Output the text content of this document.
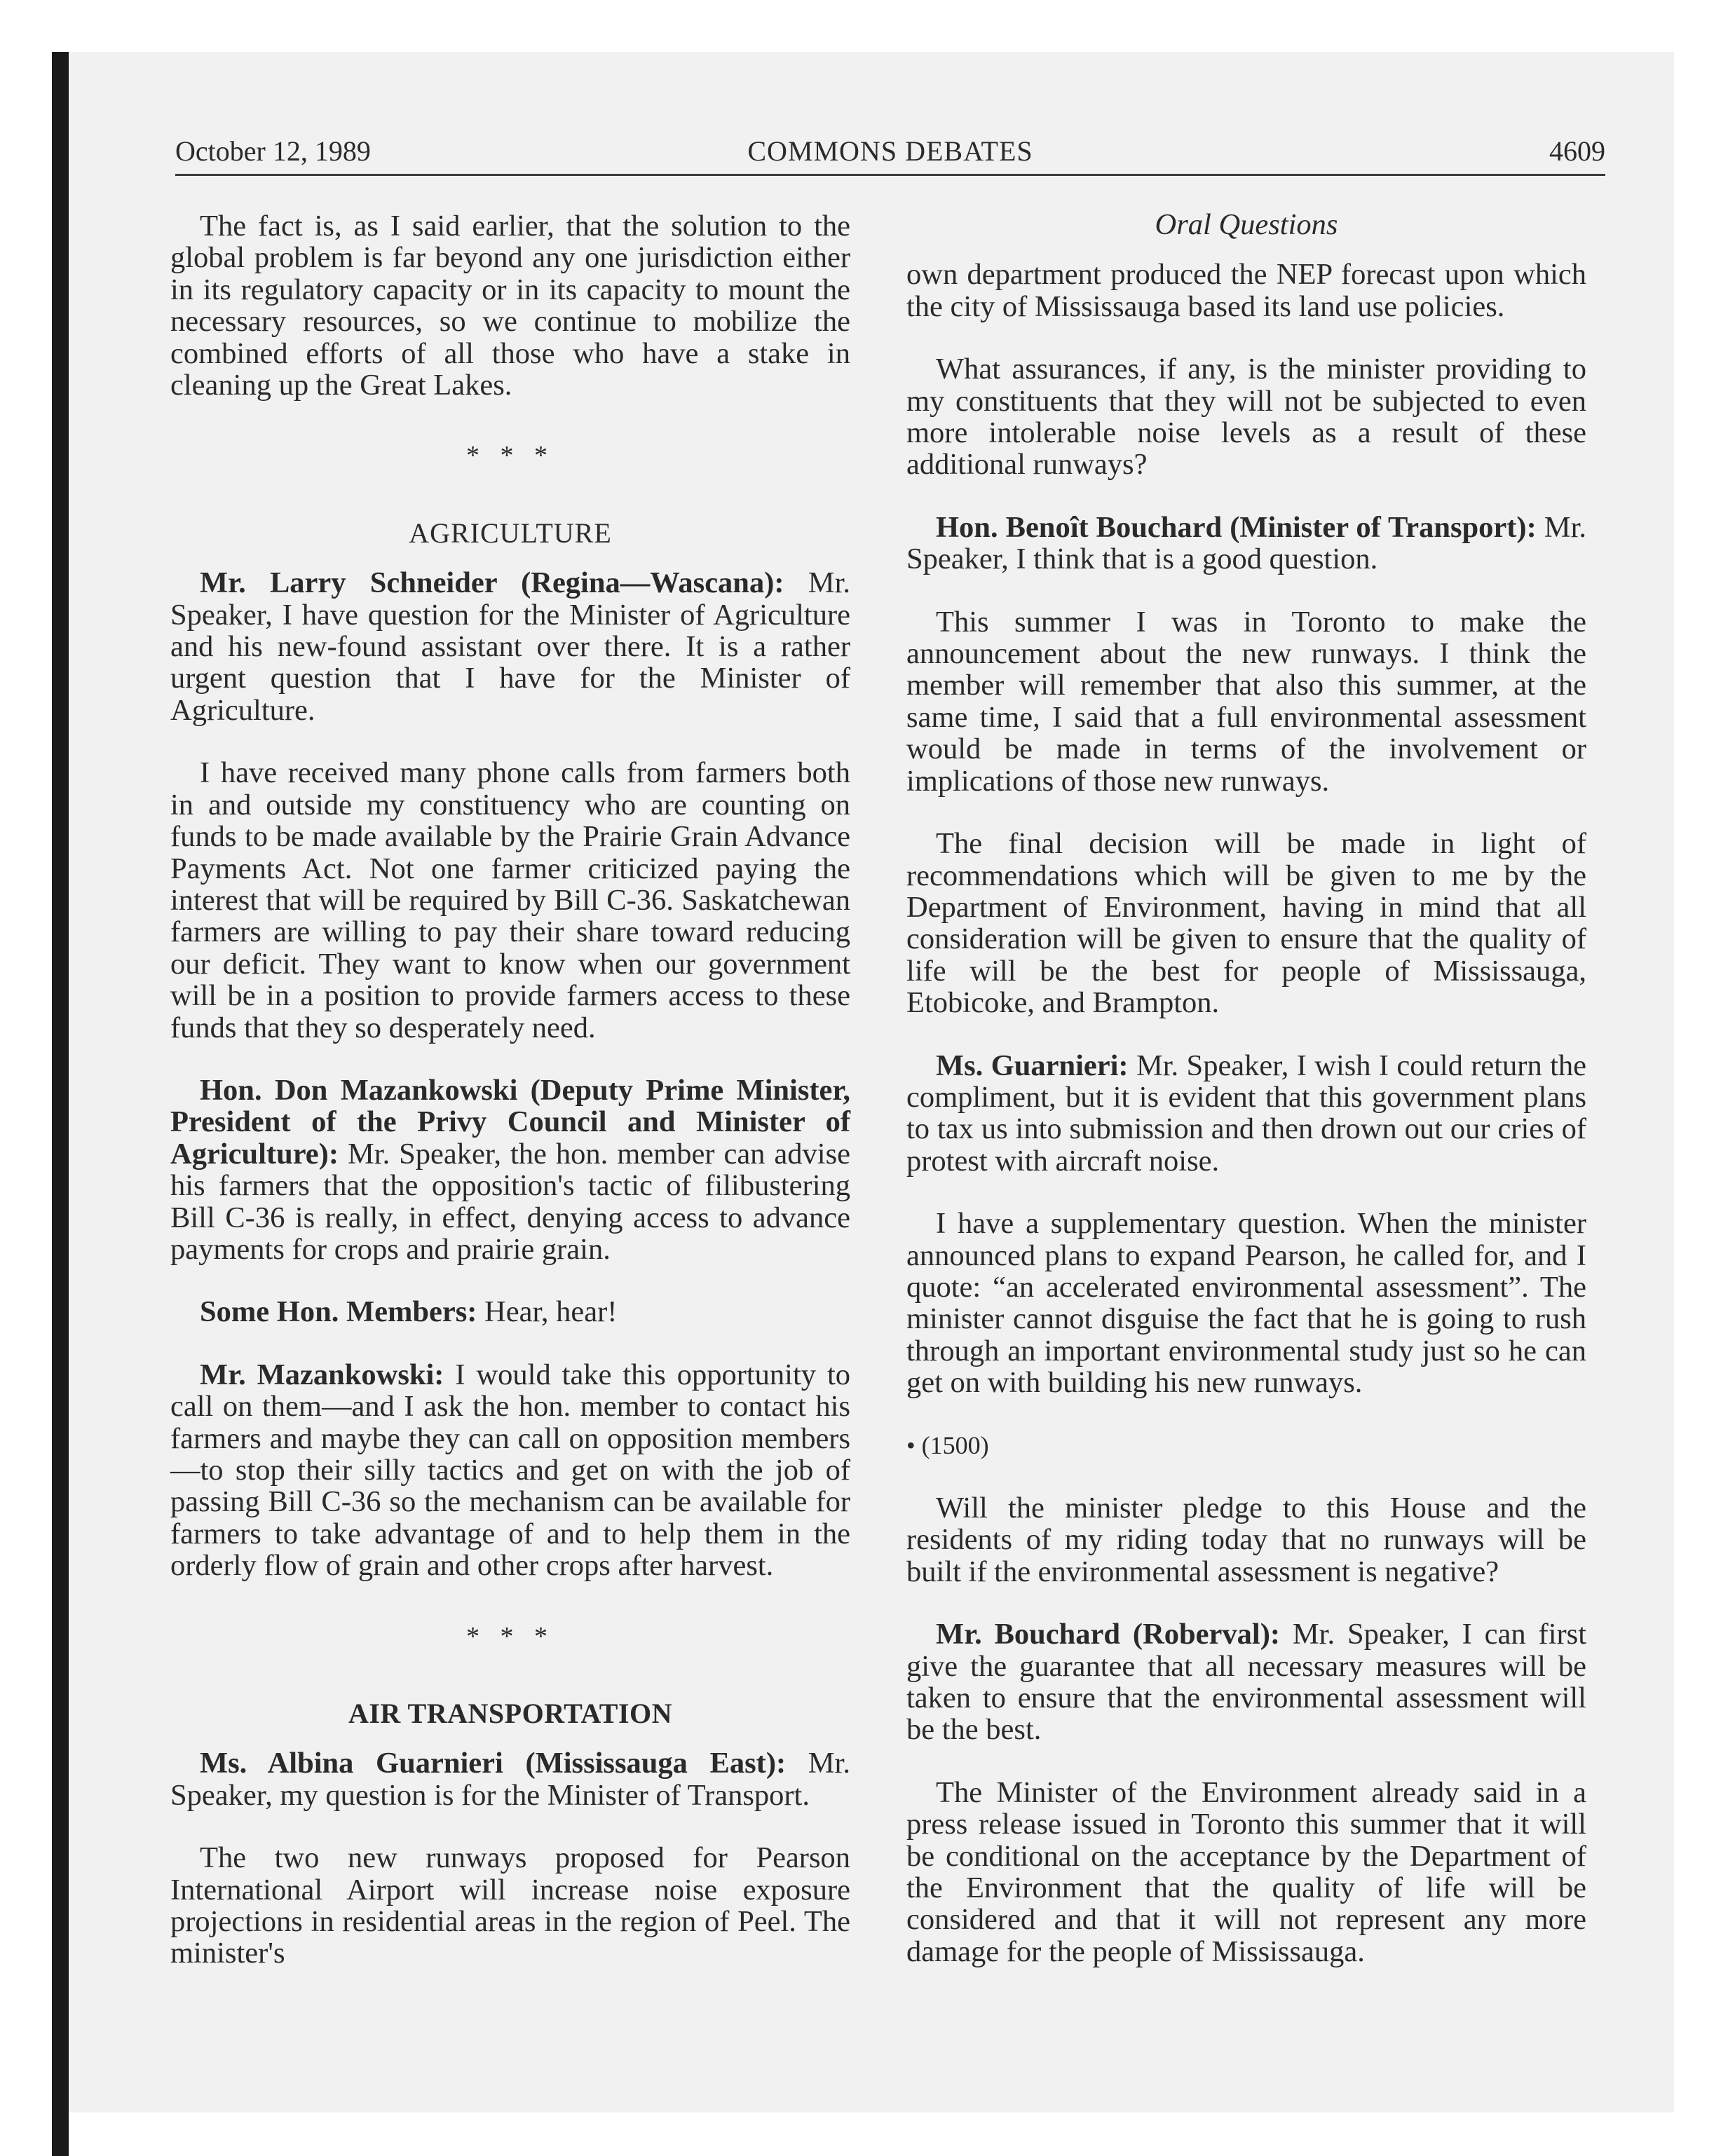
October 12, 1989	COMMONS DEBATES	4609

The fact is, as I said earlier, that the solution to the global problem is far beyond any one jurisdiction either in its regulatory capacity or in its capacity to mount the necessary resources, so we continue to mobilize the combined efforts of all those who have a stake in cleaning up the Great Lakes.

* * *
AGRICULTURE

Mr. Larry Schneider (Regina—Wascana): Mr. Speaker, I have question for the Minister of Agriculture and his new-found assistant over there. It is a rather urgent question that I have for the Minister of Agriculture.

I have received many phone calls from farmers both in and outside my constituency who are counting on funds to be made available by the Prairie Grain Advance Payments Act. Not one farmer criticized paying the interest that will be required by Bill C-36. Saskatchewan farmers are willing to pay their share toward reducing our deficit. They want to know when our government will be in a position to provide farmers access to these funds that they so desperately need.

Hon. Don Mazankowski (Deputy Prime Minister, President of the Privy Council and Minister of Agriculture): Mr. Speaker, the hon. member can advise his farmers that the opposition's tactic of filibustering Bill C-36 is really, in effect, denying access to advance payments for crops and prairie grain.

Some Hon. Members: Hear, hear!

Mr. Mazankowski: I would take this opportunity to call on them—and I ask the hon. member to contact his farmers and maybe they can call on opposition members—to stop their silly tactics and get on with the job of passing Bill C-36 so the mechanism can be available for farmers to take advantage of and to help them in the orderly flow of grain and other crops after harvest.

* * *
AIR TRANSPORTATION

Ms. Albina Guarnieri (Mississauga East): Mr. Speaker, my question is for the Minister of Transport.

The two new runways proposed for Pearson International Airport will increase noise exposure projections in residential areas in the region of Peel. The minister's

Oral Questions

own department produced the NEP forecast upon which the city of Mississauga based its land use policies.

What assurances, if any, is the minister providing to my constituents that they will not be subjected to even more intolerable noise levels as a result of these additional runways?

Hon. Benoît Bouchard (Minister of Transport): Mr. Speaker, I think that is a good question.

This summer I was in Toronto to make the announcement about the new runways. I think the member will remember that also this summer, at the same time, I said that a full environmental assessment would be made in terms of the involvement or implications of those new runways.

The final decision will be made in light of recommendations which will be given to me by the Department of Environment, having in mind that all consideration will be given to ensure that the quality of life will be the best for people of Mississauga, Etobicoke, and Brampton.

Ms. Guarnieri: Mr. Speaker, I wish I could return the compliment, but it is evident that this government plans to tax us into submission and then drown out our cries of protest with aircraft noise.

I have a supplementary question. When the minister announced plans to expand Pearson, he called for, and I quote: “an accelerated environmental assessment”. The minister cannot disguise the fact that he is going to rush through an important environmental study just so he can get on with building his new runways.

• (1500)

Will the minister pledge to this House and the residents of my riding today that no runways will be built if the environmental assessment is negative?

Mr. Bouchard (Roberval): Mr. Speaker, I can first give the guarantee that all necessary measures will be taken to ensure that the environmental assessment will be the best.

The Minister of the Environment already said in a press release issued in Toronto this summer that it will be conditional on the acceptance by the Department of the Environment that the quality of life will be considered and that it will not represent any more damage for the people of Mississauga.
